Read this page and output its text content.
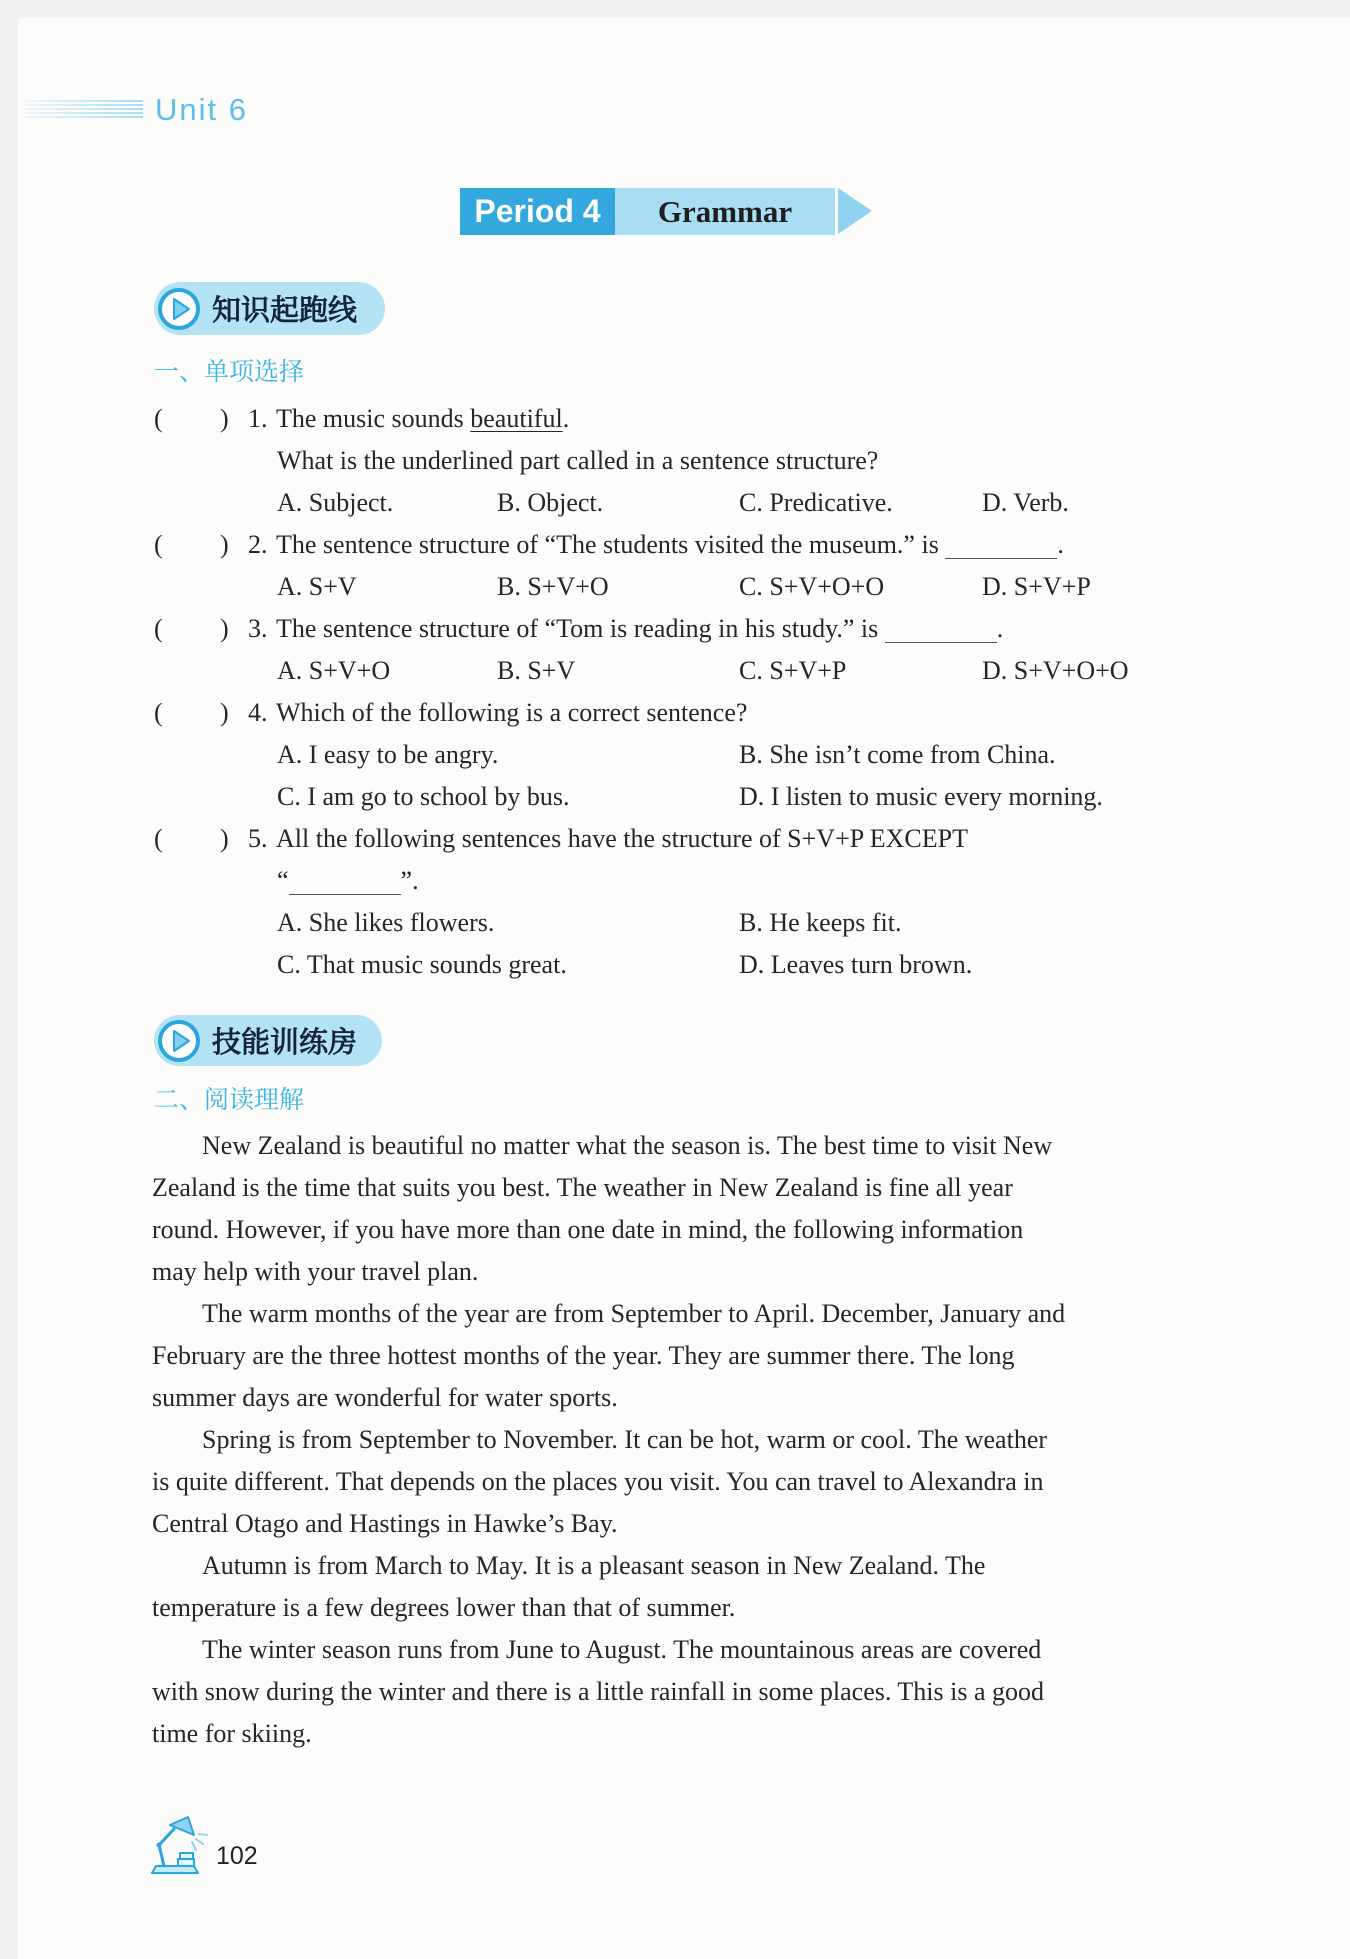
Unit 6
Period 4	Grammar
知识起跑线
一、单项选择
( ) 1. The music sounds beautiful.
What is the underlined part called in a sentence structure?
A. Subject.	B. Object.	C. Predicative.	D. Verb.
( ) 2. The sentence structure of “The students visited the museum.” is	.
A. S+V	B. S+V+O	C. S+V+O+O	D. S+V+P
( ) 3. The sentence structure of “Tom is reading in his study.” is	.
A. S+V+O	B. S+V	C. S+V+P	D. S+V+O+O
( ) 4. Which of the following is a correct sentence?
A. I easy to be angry.	B. She isn’t come from China.
C. I am go to school by bus.	D. I listen to music every morning.
( ) 5. All the following sentences have the structure of S+V+P EXCEPT
“	”.
A. She likes flowers.	B. He keeps fit.
C. That music sounds great.	D. Leaves turn brown.
技能训练房
二、阅读理解
New Zealand is beautiful no matter what the season is. The best time to visit New
Zealand is the time that suits you best. The weather in New Zealand is fine all year
round. However, if you have more than one date in mind, the following information
may help with your travel plan.
The warm months of the year are from September to April. December, January and
February are the three hottest months of the year. They are summer there. The long
summer days are wonderful for water sports.
Spring is from September to November. It can be hot, warm or cool. The weather
is quite different. That depends on the places you visit. You can travel to Alexandra in
Central Otago and Hastings in Hawke’s Bay.
Autumn is from March to May. It is a pleasant season in New Zealand. The
temperature is a few degrees lower than that of summer.
The winter season runs from June to August. The mountainous areas are covered
with snow during the winter and there is a little rainfall in some places. This is a good
time for skiing.
102
